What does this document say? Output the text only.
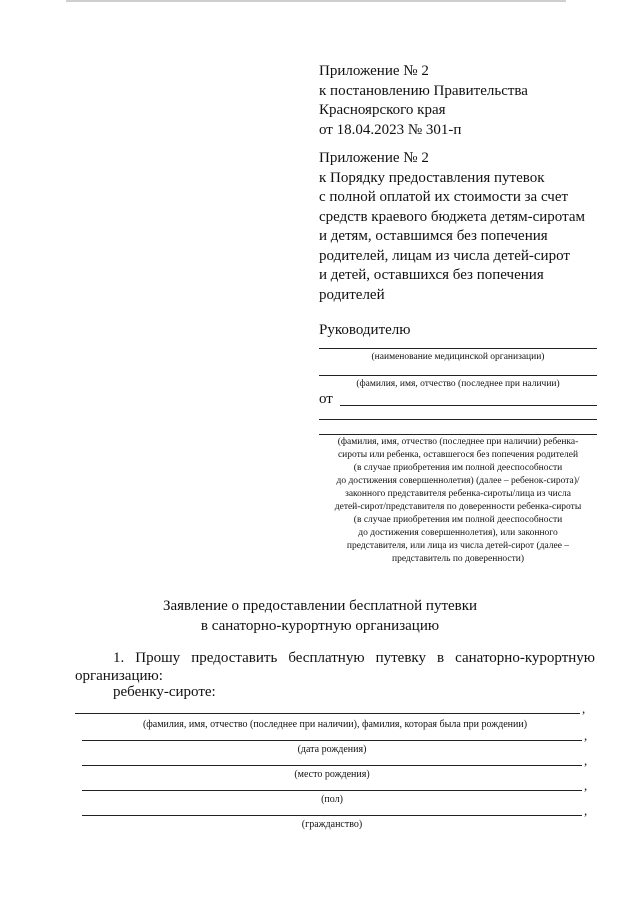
Приложение № 2
к постановлению Правительства
Красноярского края
от 18.04.2023 № 301-п
Приложение № 2
к Порядку предоставления путевок
с полной оплатой их стоимости за счет
средств краевого бюджета детям-сиротам
и детям, оставшимся без попечения
родителей, лицам из числа детей-сирот
и детей, оставшихся без попечения
родителей
Руководителю
(наименование медицинской организации)
(фамилия, имя, отчество (последнее при наличии)
от
(фамилия, имя, отчество (последнее при наличии) ребенка-
сироты или ребенка, оставшегося без попечения родителей
(в случае приобретения им полной дееспособности
до достижения совершеннолетия) (далее – ребенок-сирота)/
законного представителя ребенка-сироты/лица из числа
детей-сирот/представителя по доверенности ребенка-сироты
(в случае приобретения им полной дееспособности
до достижения совершеннолетия), или законного
представителя, или лица из числа детей-сирот (далее –
представитель по доверенности)
Заявление о предоставлении бесплатной путевки
в санаторно-курортную организацию
1. Прошу предоставить бесплатную путевку в санаторно-курортную организацию:
ребенку-сироте:
,
(фамилия, имя, отчество (последнее при наличии), фамилия, которая была при рождении)
,
(дата рождения)
,
(место рождения)
,
(пол)
,
(гражданство)
